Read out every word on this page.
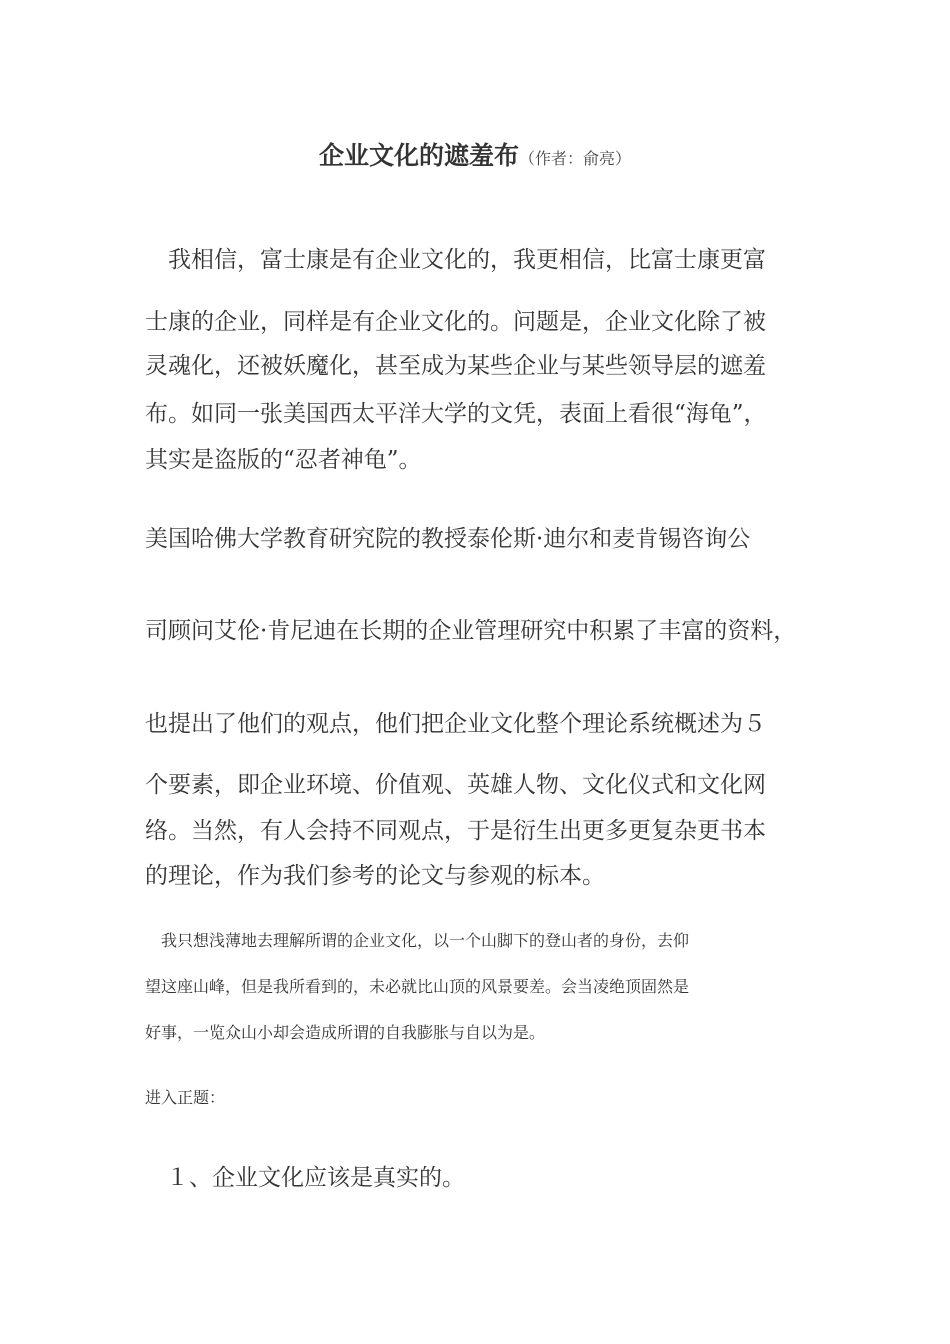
企业文化的遮羞布（作者：俞亮）
　我相信，富士康是有企业文化的，我更相信，比富士康更富
士康的企业，同样是有企业文化的。问题是，企业文化除了被
灵魂化，还被妖魔化，甚至成为某些企业与某些领导层的遮羞
布。如同一张美国西太平洋大学的文凭，表面上看很“海龟”，
其实是盗版的“忍者神龟”。
美国哈佛大学教育研究院的教授泰伦斯·迪尔和麦肯锡咨询公
司顾问艾伦·肯尼迪在长期的企业管理研究中积累了丰富的资料，
也提出了他们的观点，他们把企业文化整个理论系统概述为５
个要素，即企业环境、价值观、英雄人物、文化仪式和文化网
络。当然，有人会持不同观点，于是衍生出更多更复杂更书本
的理论，作为我们参考的论文与参观的标本。
　我只想浅薄地去理解所谓的企业文化，以一个山脚下的登山者的身份，去仰
望这座山峰，但是我所看到的，未必就比山顶的风景要差。会当凌绝顶固然是
好事，一览众山小却会造成所谓的自我膨胀与自以为是。
进入正题：
１、企业文化应该是真实的。
